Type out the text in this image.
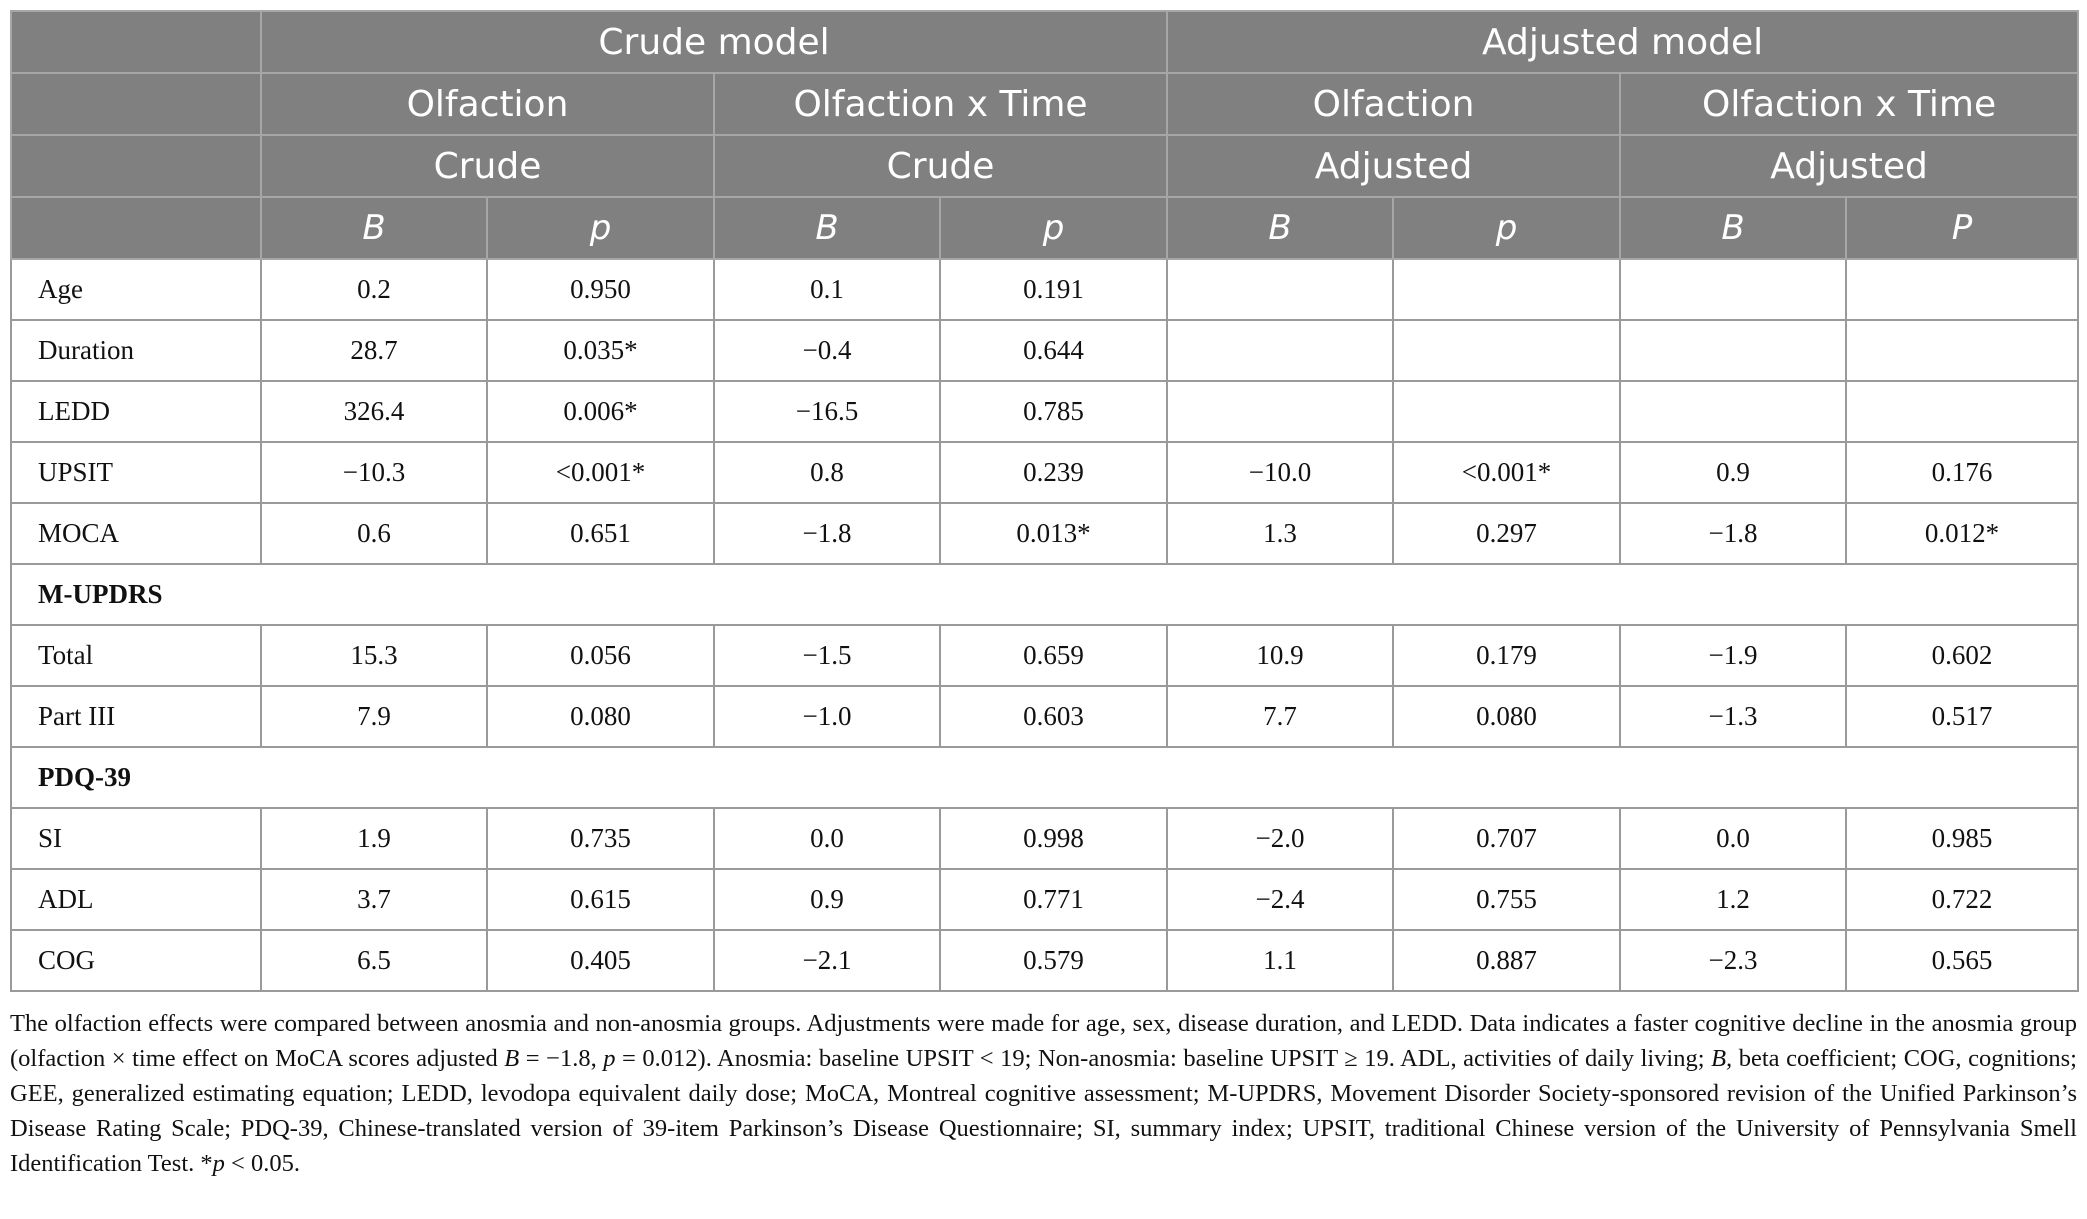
	Crude model				Adjusted model			
	Olfaction		Olfaction x Time		Olfaction		Olfaction x Time	
	Crude		Crude		Adjusted		Adjusted	
	B	p	B	p	B	p	B	P
Age	0.2	0.950	0.1	0.191				
Duration	28.7	0.035*	−0.4	0.644				
LEDD	326.4	0.006*	−16.5	0.785				
UPSIT	−10.3	<0.001*	0.8	0.239	−10.0	<0.001*	0.9	0.176
MOCA	0.6	0.651	−1.8	0.013*	1.3	0.297	−1.8	0.012*
M-UPDRS								
Total	15.3	0.056	−1.5	0.659	10.9	0.179	−1.9	0.602
Part III	7.9	0.080	−1.0	0.603	7.7	0.080	−1.3	0.517
PDQ-39								
SI	1.9	0.735	0.0	0.998	−2.0	0.707	0.0	0.985
ADL	3.7	0.615	0.9	0.771	−2.4	0.755	1.2	0.722
COG	6.5	0.405	−2.1	0.579	1.1	0.887	−2.3	0.565
The olfaction effects were compared between anosmia and non-anosmia groups. Adjustments were made for age, sex, disease duration, and LEDD. Data indicates a faster cognitive decline in the anosmia group (olfaction × time effect on MoCA scores adjusted B = −1.8, p = 0.012). Anosmia: baseline UPSIT < 19; Non-anosmia: baseline UPSIT ≥ 19. ADL, activities of daily living; B, beta coefficient; COG, cognitions; GEE, generalized estimating equation; LEDD, levodopa equivalent daily dose; MoCA, Montreal cognitive assessment; M-UPDRS, Movement Disorder Society-sponsored revision of the Unified Parkinson’s Disease Rating Scale; PDQ-39, Chinese-translated version of 39-item Parkinson’s Disease Questionnaire; SI, summary index; UPSIT, traditional Chinese version of the University of Pennsylvania Smell Identification Test. *p < 0.05.
